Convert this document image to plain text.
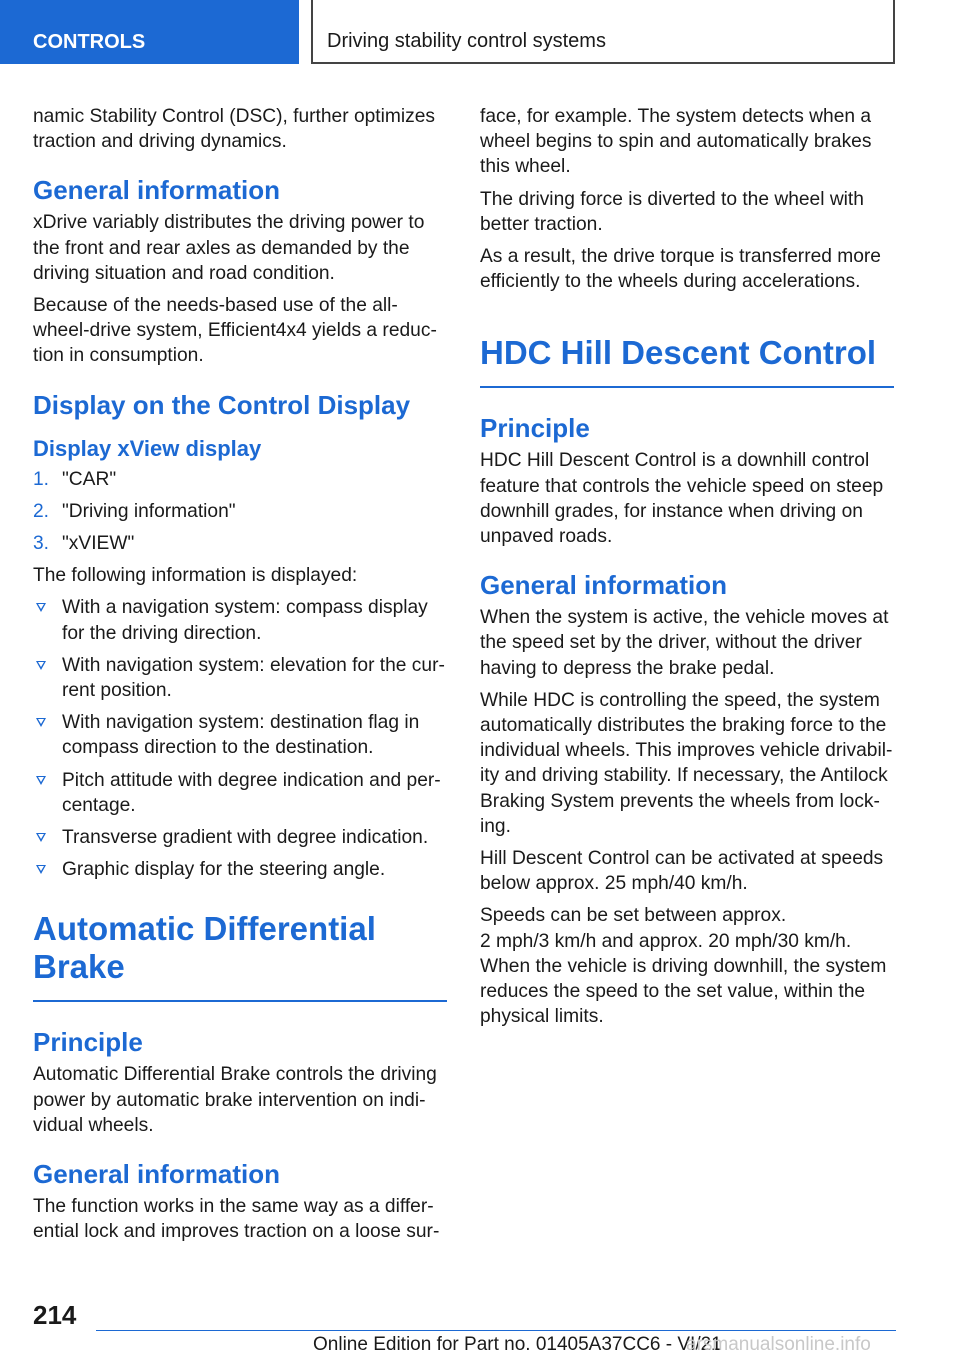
CONTROLS	Driving stability control systems

namic Stability Control (DSC), further optimizes traction and driving dynamics.

General information

xDrive variably distributes the driving power to the front and rear axles as demanded by the driving situation and road condition.

Because of the needs-based use of the all-wheel-drive system, Efficient4x4 yields a reduction in consumption.

Display on the Control Display
Display xView display
1. "CAR"
2. "Driving information"
3. "xVIEW"

The following information is displayed:

With a navigation system: compass display for the driving direction.
With navigation system: elevation for the current position.
With navigation system: destination flag in compass direction to the destination.
Pitch attitude with degree indication and percentage.
Transverse gradient with degree indication.
Graphic display for the steering angle.
Automatic Differential Brake
Principle

Automatic Differential Brake controls the driving power by automatic brake intervention on individual wheels.

General information

The function works in the same way as a differential lock and improves traction on a loose sur-

face, for example. The system detects when a wheel begins to spin and automatically brakes this wheel.

The driving force is diverted to the wheel with better traction.

As a result, the drive torque is transferred more efficiently to the wheels during accelerations.

HDC Hill Descent Control
Principle

HDC Hill Descent Control is a downhill control feature that controls the vehicle speed on steep downhill grades, for instance when driving on unpaved roads.

General information

When the system is active, the vehicle moves at the speed set by the driver, without the driver having to depress the brake pedal.

While HDC is controlling the speed, the system automatically distributes the braking force to the individual wheels. This improves vehicle drivability and driving stability. If necessary, the Antilock Braking System prevents the wheels from locking.

Hill Descent Control can be activated at speeds below approx. 25 mph/40 km/h.

Speeds can be set between approx.
2 mph/3 km/h and approx. 20 mph/30 km/h. When the vehicle is driving downhill, the system reduces the speed to the set value, within the physical limits.

214
Online Edition for Part no. 01405A37CC6 - VI/21
arsmanualsonline.info
